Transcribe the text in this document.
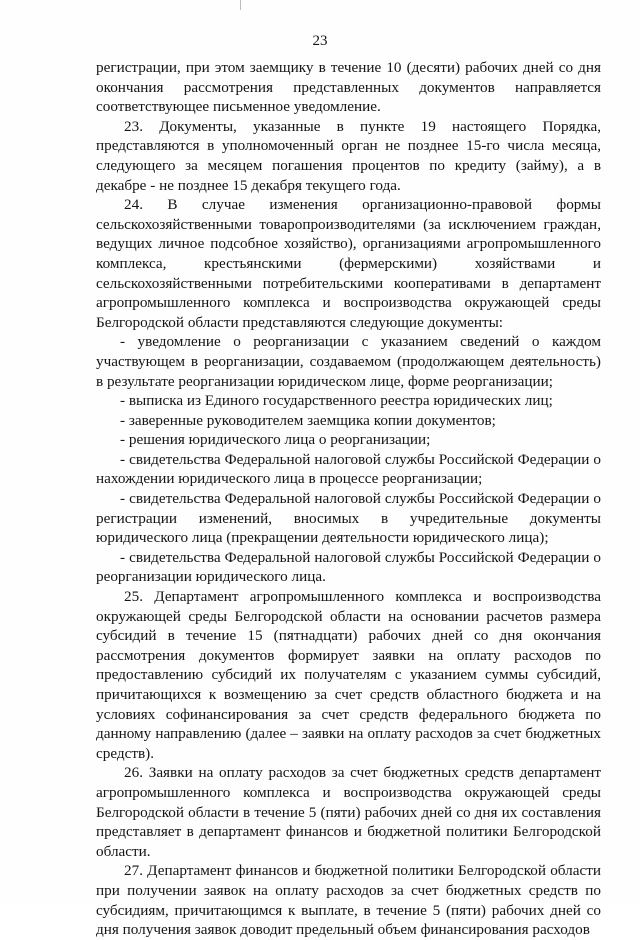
23

регистрации, при этом заемщику в течение 10 (десяти) рабочих дней со дня окончания рассмотрения представленных документов направляется соответствующее письменное уведомление.

23. Документы, указанные в пункте 19 настоящего Порядка, представляются в уполномоченный орган не позднее 15-го числа месяца, следующего за месяцем погашения процентов по кредиту (займу), а в декабре - не позднее 15 декабря текущего года.

24. В случае изменения организационно-правовой формы сельскохозяйственными товаропроизводителями (за исключением граждан, ведущих личное подсобное хозяйство), организациями агропромышленного комплекса, крестьянскими (фермерскими) хозяйствами и сельскохозяйственными потребительскими кооперативами в департамент агропромышленного комплекса и воспроизводства окружающей среды Белгородской области представляются следующие документы:

- уведомление о реорганизации с указанием сведений о каждом участвующем в реорганизации, создаваемом (продолжающем деятельность) в результате реорганизации юридическом лице, форме реорганизации;

- выписка из Единого государственного реестра юридических лиц;

- заверенные руководителем заемщика копии документов;

- решения юридического лица о реорганизации;

- свидетельства Федеральной налоговой службы Российской Федерации о нахождении юридического лица в процессе реорганизации;

- свидетельства Федеральной налоговой службы Российской Федерации о регистрации изменений, вносимых в учредительные документы юридического лица (прекращении деятельности юридического лица);

- свидетельства Федеральной налоговой службы Российской Федерации о реорганизации юридического лица.

25. Департамент агропромышленного комплекса и воспроизводства окружающей среды Белгородской области на основании расчетов размера субсидий в течение 15 (пятнадцати) рабочих дней со дня окончания рассмотрения документов формирует заявки на оплату расходов по предоставлению субсидий их получателям с указанием суммы субсидий, причитающихся к возмещению за счет средств областного бюджета и на условиях софинансирования за счет средств федерального бюджета по данному направлению (далее – заявки на оплату расходов за счет бюджетных средств).

26. Заявки на оплату расходов за счет бюджетных средств департамент агропромышленного комплекса и воспроизводства окружающей среды Белгородской области в течение 5 (пяти) рабочих дней со дня их составления представляет в департамент финансов и бюджетной политики Белгородской области.

27. Департамент финансов и бюджетной политики Белгородской области при получении заявок на оплату расходов за счет бюджетных средств по субсидиям, причитающимся к выплате, в течение 5 (пяти) рабочих дней со дня получения заявок доводит предельный объем финансирования расходов
